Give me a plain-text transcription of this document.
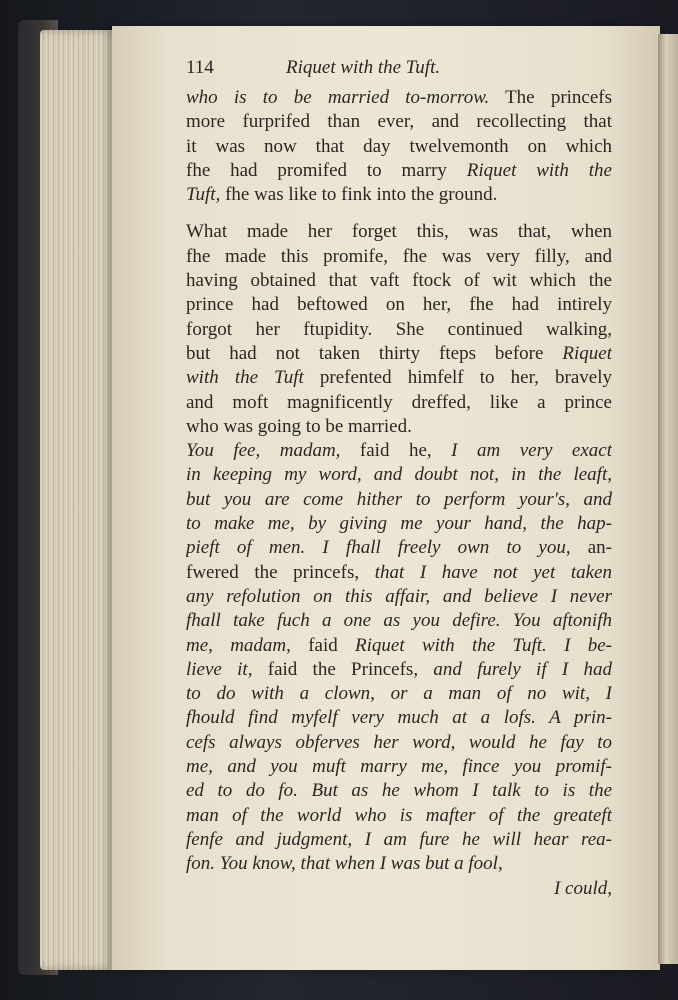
114	Riquet with the Tuft.
who is to be married to-morrow. The princefs
more furprifed than ever, and recollecting that
it was now that day twelvemonth on which
fhe had promifed to marry Riquet with the
Tuft, fhe was like to fink into the ground.
What made her forget this, was that, when
fhe made this promife, fhe was very filly, and
having obtained that vaft ftock of wit which the
prince had beftowed on her, fhe had intirely
forgot her ftupidity. She continued walking,
but had not taken thirty fteps before Riquet
with the Tuft prefented himfelf to her, bravely
and moft magnificently dreffed, like a prince
who was going to be married.
You fee, madam, faid he, I am very exact
in keeping my word, and doubt not, in the leaft,
but you are come hither to perform your's, and
to make me, by giving me your hand, the hap-
pieft of men. I fhall freely own to you, an-
fwered the princefs, that I have not yet taken
any refolution on this affair, and believe I never
fhall take fuch a one as you defire. You aftonifh
me, madam, faid Riquet with the Tuft. I be-
lieve it, faid the Princefs, and furely if I had
to do with a clown, or a man of no wit, I
fhould find myfelf very much at a lofs. A prin-
cefs always obferves her word, would he fay to
me, and you muft marry me, fince you promif-
ed to do fo. But as he whom I talk to is the
man of the world who is mafter of the greateft
fenfe and judgment, I am fure he will hear rea-
fon. You know, that when I was but a fool,
I could,
